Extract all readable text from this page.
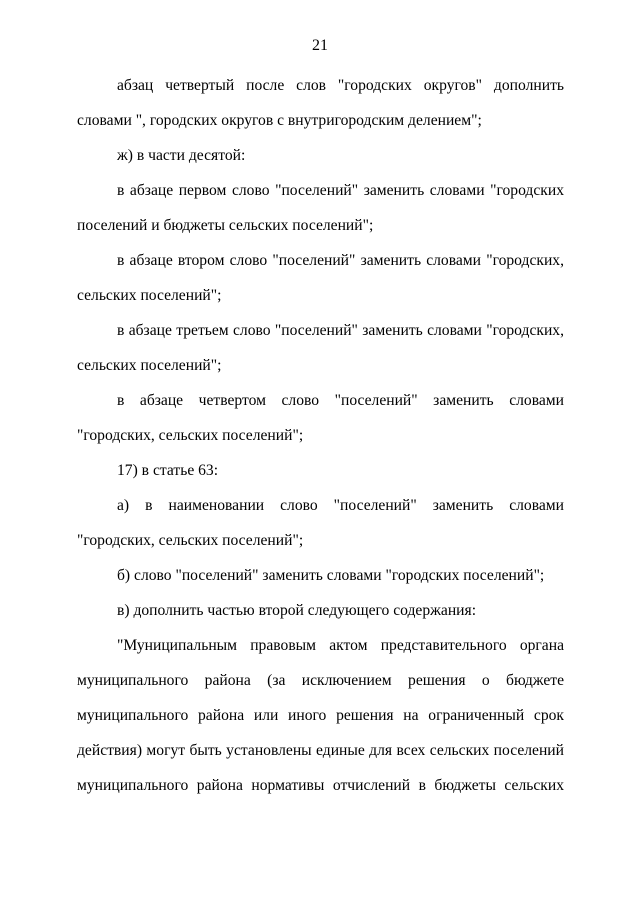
21

абзац четвертый после слов "городских округов" дополнить словами ", городских округов с внутригородским делением";

ж) в части десятой:

в абзаце первом слово "поселений" заменить словами "городских поселений и бюджеты сельских поселений";

в абзаце втором слово "поселений" заменить словами "городских, сельских поселений";

в абзаце третьем слово "поселений" заменить словами "городских, сельских поселений";

в абзаце четвертом слово "поселений" заменить словами "городских, сельских поселений";

17) в статье 63:

а) в наименовании слово "поселений" заменить словами "городских, сельских поселений";

б) слово "поселений" заменить словами "городских поселений";

в) дополнить частью второй следующего содержания:

"Муниципальным правовым актом представительного органа муниципального района (за исключением решения о бюджете муниципального района или иного решения на ограниченный срок действия) могут быть установлены единые для всех сельских поселений муниципального района нормативы отчислений в бюджеты сельских
